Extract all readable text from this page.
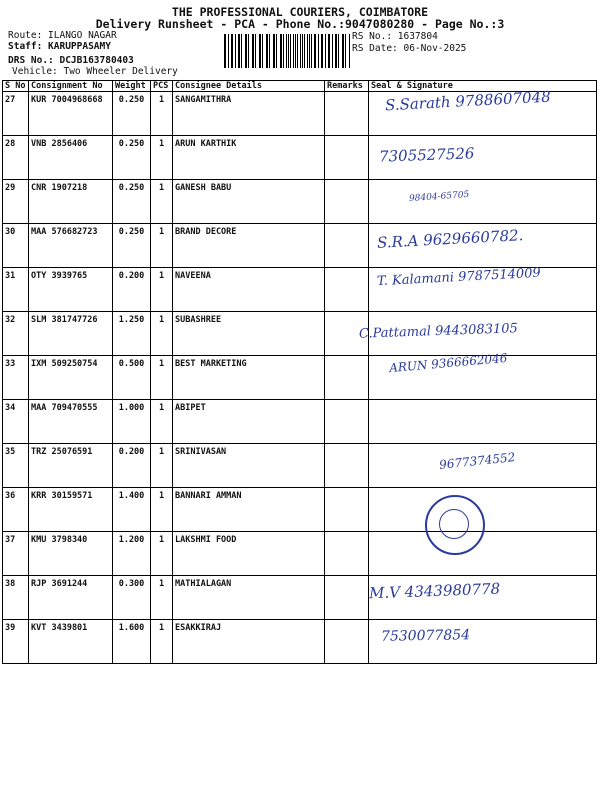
THE PROFESSIONAL COURIERS, COIMBATORE
Delivery Runsheet - PCA - Phone No.:9047080280 - Page No.:3
Route: ILANGO NAGAR
Staff: KARUPPASAMY
DRS No.: DCJB163780403
Vehicle: Two Wheeler Delivery
RS No.: 1637804
RS Date: 06-Nov-2025
S No	Consignment No	Weight	PCS	Consignee Details	Remarks	Seal & Signature
27	KUR 7004968668	0.250	1	SANGAMITHRA		S.Sarath 9788607048

28	VNB 2856406	0.250	1	ARUN KARTHIK		7305527526

29	CNR 1907218	0.250	1	GANESH BABU		98404-65705

30	MAA 576682723	0.250	1	BRAND DECORE		S.R.A 9629660782.

31	OTY 3939765	0.200	1	NAVEENA		T. Kalamani 9787514009

32	SLM 381747726	1.250	1	SUBASHREE		C.Pattamal 9443083105

33	IXM 509250754	0.500	1	BEST MARKETING		ARUN 9366662046

34	MAA 709470555	1.000	1	ABIPET		

35	TRZ 25076591	0.200	1	SRINIVASAN		9677374552

36	KRR 30159571	1.400	1	BANNARI AMMAN		

37	KMU 3798340	1.200	1	LAKSHMI FOOD		

38	RJP 3691244	0.300	1	MATHIALAGAN		M.V 4343980778

39	KVT 3439801	1.600	1	ESAKKIRAJ		7530077854
